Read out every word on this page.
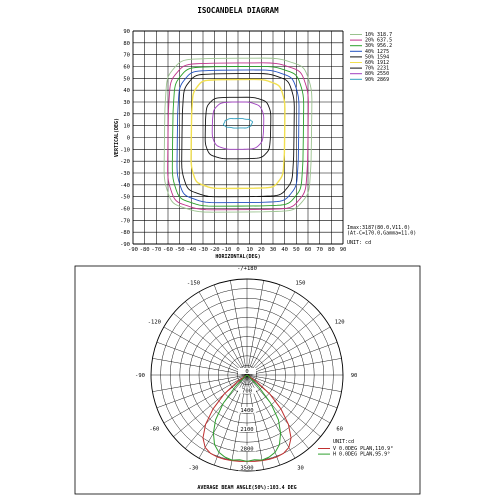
ISOCANDELA DIAGRAM
-90 -80 -70 -60 -50 -40 -30 -20 -10 0 10 20 30 40 50 60 70 80 90
90
80
70
60
50
40
30
20
10
0
-10
-20
-30
-40
-50
-60
-70
-80
-90
HORIZONTAL(DEG)
VERTICAL(DEG)
10% 318.7
20% 637.5
30% 956.2
40% 1275
50% 1594
60% 1912
70% 2231
80% 2550
90% 2869
Imax:3187(80.0,V11.0)
(At-C=170.0,Gamma=11.0)
UNIT: cd
-/+180
-150	150
-120	120
-90	90
-60	60
-30	30
0
700
1400
2100
2800
3500
UNIT:cd
V 0.0DEG PLAN,110.9°
H 0.0DEG PLAN,95.9°
AVERAGE BEAM ANGLE(50%):103.4 DEG
